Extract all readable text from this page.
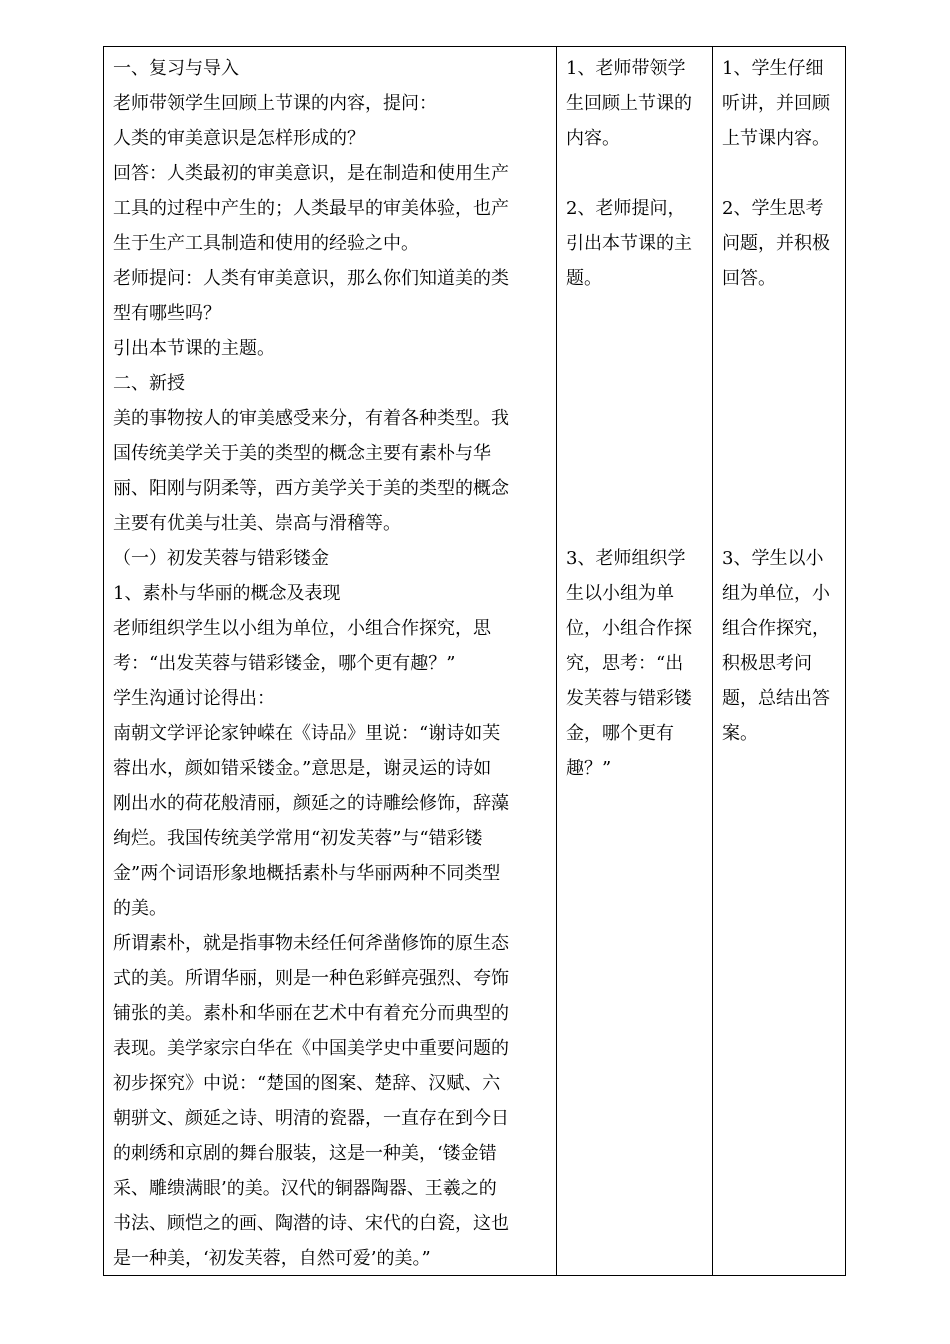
一、复习与导入
老师带领学生回顾上节课的内容，提问：
人类的审美意识是怎样形成的？
回答：人类最初的审美意识，是在制造和使用生产
工具的过程中产生的；人类最早的审美体验，也产
生于生产工具制造和使用的经验之中。
老师提问：人类有审美意识，那么你们知道美的类
型有哪些吗？
引出本节课的主题。
二、新授
美的事物按人的审美感受来分，有着各种类型。我
国传统美学关于美的类型的概念主要有素朴与华
丽、阳刚与阴柔等，西方美学关于美的类型的概念
主要有优美与壮美、崇高与滑稽等。
（一）初发芙蓉与错彩镂金
1、素朴与华丽的概念及表现
老师组织学生以小组为单位，小组合作探究，思
考：“出发芙蓉与错彩镂金，哪个更有趣？”
学生沟通讨论得出：
南朝文学评论家钟嵘在《诗品》里说：“谢诗如芙
蓉出水，颜如错采镂金。”意思是，谢灵运的诗如
刚出水的荷花般清丽，颜延之的诗雕绘修饰，辞藻
绚烂。我国传统美学常用“初发芙蓉”与“错彩镂
金”两个词语形象地概括素朴与华丽两种不同类型
的美。
所谓素朴，就是指事物未经任何斧凿修饰的原生态
式的美。所谓华丽，则是一种色彩鲜亮强烈、夸饰
铺张的美。素朴和华丽在艺术中有着充分而典型的
表现。美学家宗白华在《中国美学史中重要问题的
初步探究》中说：“楚国的图案、楚辞、汉赋、六
朝骈文、颜延之诗、明清的瓷器，一直存在到今日
的刺绣和京剧的舞台服装，这是一种美，‘镂金错
采、雕缋满眼’的美。汉代的铜器陶器、王羲之的
书法、顾恺之的画、陶潜的诗、宋代的白瓷，这也
是一种美，‘初发芙蓉，自然可爱’的美。”
1、老师带领学
生回顾上节课的
内容。
2、老师提问，
引出本节课的主
题。
3、老师组织学
生以小组为单
位，小组合作探
究，思考：“出
发芙蓉与错彩镂
金，哪个更有
趣？”
1、学生仔细
听讲，并回顾
上节课内容。
2、学生思考
问题，并积极
回答。
3、学生以小
组为单位，小
组合作探究，
积极思考问
题，总结出答
案。
